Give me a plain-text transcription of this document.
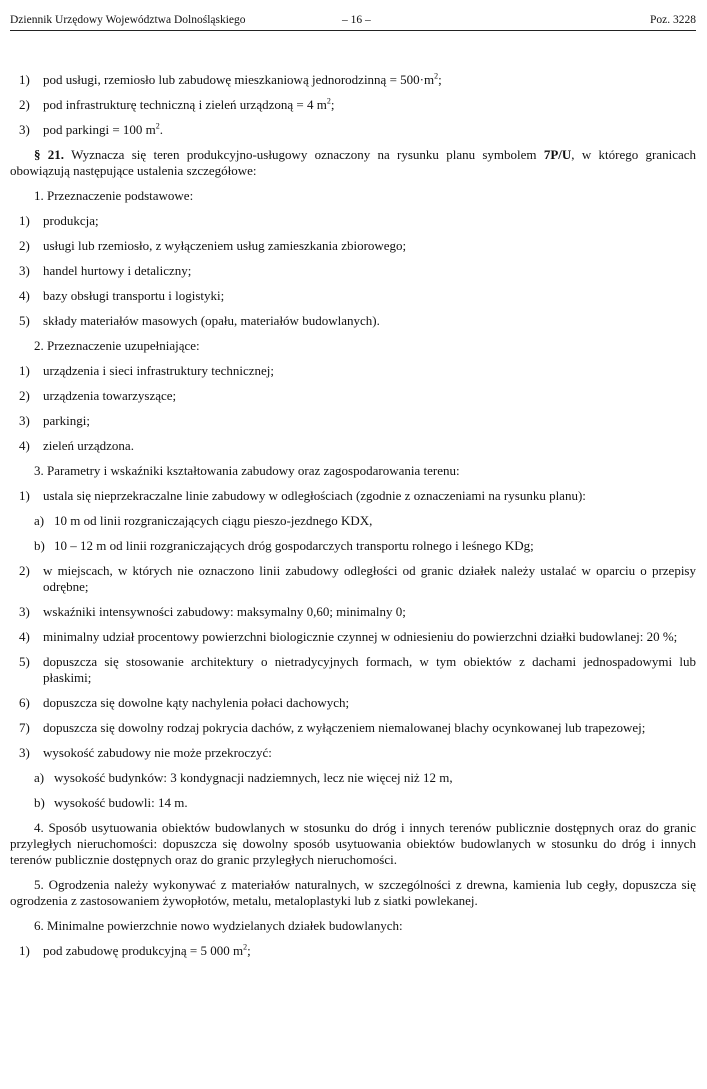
Dziennik Urzędowy Województwa Dolnośląskiego	– 16 –	Poz. 3228
1)	pod usługi, rzemiosło lub zabudowę mieszkaniową jednorodzinną = $500\cdot m^2$;
2)	pod infrastrukturę techniczną i zieleń urządzoną = 4 $m^2$;
3)	pod parkingi = 100 $m^2$.

§ 21. Wyznacza się teren produkcyjno-usługowy oznaczony na rysunku planu symbolem 7P/U, w którego granicach obowiązują następujące ustalenia szczegółowe:

1. Przeznaczenie podstawowe:
1)	produkcja;
2)	usługi lub rzemiosło, z wyłączeniem usług zamieszkania zbiorowego;
3)	handel hurtowy i detaliczny;
4)	bazy obsługi transportu i logistyki;
5)	składy materiałów masowych (opału, materiałów budowlanych).
2. Przeznaczenie uzupełniające:
1)	urządzenia i sieci infrastruktury technicznej;
2)	urządzenia towarzyszące;
3)	parkingi;
4)	zieleń urządzona.
3. Parametry i wskaźniki kształtowania zabudowy oraz zagospodarowania terenu:
1)	ustala się nieprzekraczalne linie zabudowy w odległościach (zgodnie z oznaczeniami na rysunku planu):
a) 10 m od linii rozgraniczających ciągu pieszo-jezdnego KDX,
b) 10 – 12 m od linii rozgraniczających dróg gospodarczych transportu rolnego i leśnego KDg;
2)	w miejscach, w których nie oznaczono linii zabudowy odległości od granic działek należy ustalać w oparciu o przepisy odrębne;
3)	wskaźniki intensywności zabudowy: maksymalny 0,60; minimalny 0;
4)	minimalny udział procentowy powierzchni biologicznie czynnej w odniesieniu do powierzchni działki budowlanej: 20 %;
5)	dopuszcza się stosowanie architektury o nietradycyjnych formach, w tym obiektów z dachami jednospadowymi lub płaskimi;
6)	dopuszcza się dowolne kąty nachylenia połaci dachowych;
7)	dopuszcza się dowolny rodzaj pokrycia dachów, z wyłączeniem niemalowanej blachy ocynkowanej lub trapezowej;
3)	wysokość zabudowy nie może przekroczyć:
a) wysokość budynków: 3 kondygnacji nadziemnych, lecz nie więcej niż 12 m,
b) wysokość budowli: 14 m.

4. Sposób usytuowania obiektów budowlanych w stosunku do dróg i innych terenów publicznie dostępnych oraz do granic przyległych nieruchomości: dopuszcza się dowolny sposób usytuowania obiektów budowlanych w stosunku do dróg i innych terenów publicznie dostępnych oraz do granic przyległych nieruchomości.

5. Ogrodzenia należy wykonywać z materiałów naturalnych, w szczególności z drewna, kamienia lub cegły, dopuszcza się ogrodzenia z zastosowaniem żywopłotów, metalu, metaloplastyki lub z siatki powlekanej.

6. Minimalne powierzchnie nowo wydzielanych działek budowlanych:
1)	pod zabudowę produkcyjną = 5 000 $m^2$;
